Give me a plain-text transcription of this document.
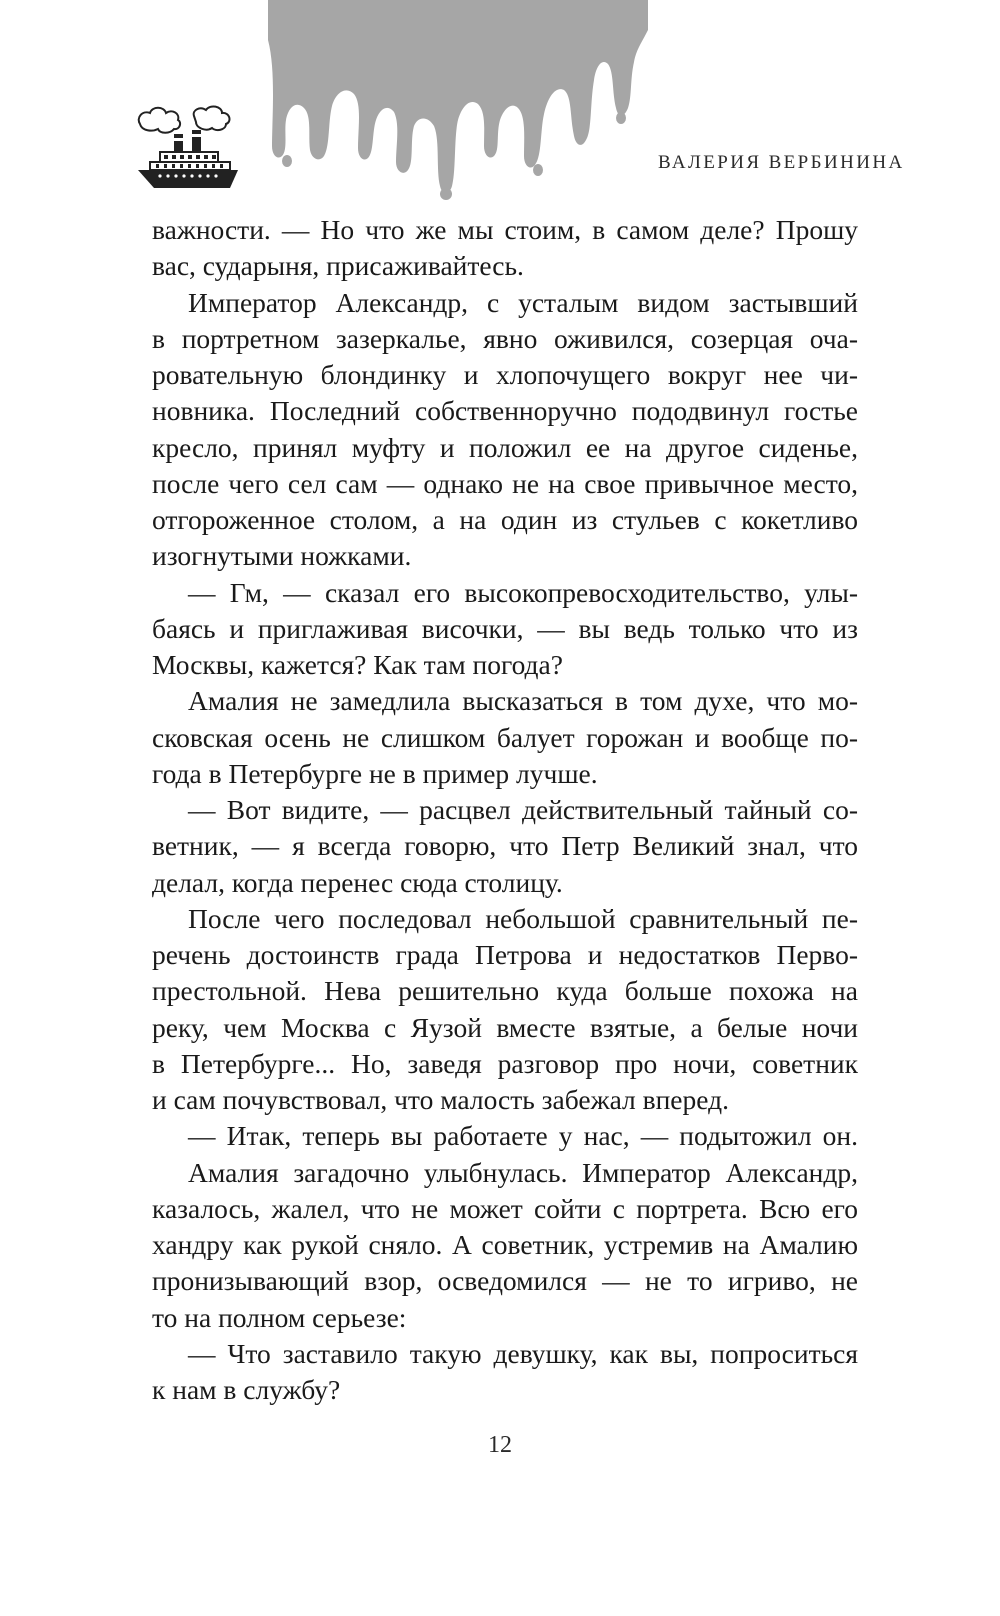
ВАЛЕРИЯ ВЕРБИНИНА
важности. — Но что же мы стоим, в самом деле? Прошу
вас, сударыня, присаживайтесь.
Император Александр, с усталым видом застывший
в портретном зазеркалье, явно оживился, созерцая оча-
ровательную блондинку и хлопочущего вокруг нее чи-
новника. Последний собственноручно пододвинул гостье
кресло, принял муфту и положил ее на другое сиденье,
после чего сел сам — однако не на свое привычное место,
отгороженное столом, а на один из стульев с кокетливо
изогнутыми ножками.
— Гм, — сказал его высокопревосходительство, улы-
баясь и приглаживая височки, — вы ведь только что из
Москвы, кажется? Как там погода?
Амалия не замедлила высказаться в том духе, что мо-
сковская осень не слишком балует горожан и вообще по-
года в Петербурге не в пример лучше.
— Вот видите, — расцвел действительный тайный со-
ветник, — я всегда говорю, что Петр Великий знал, что
делал, когда перенес сюда столицу.
После чего последовал небольшой сравнительный пе-
речень достоинств града Петрова и недостатков Перво-
престольной. Нева решительно куда больше похожа на
реку, чем Москва с Яузой вместе взятые, а белые ночи
в Петербурге... Но, заведя разговор про ночи, советник
и сам почувствовал, что малость забежал вперед.
— Итак, теперь вы работаете у нас, — подытожил он.
Амалия загадочно улыбнулась. Император Александр,
казалось, жалел, что не может сойти с портрета. Всю его
хандру как рукой сняло. А советник, устремив на Амалию
пронизывающий взор, осведомился — не то игриво, не
то на полном серьезе:
— Что заставило такую девушку, как вы, попроситься
к нам в службу?
12
